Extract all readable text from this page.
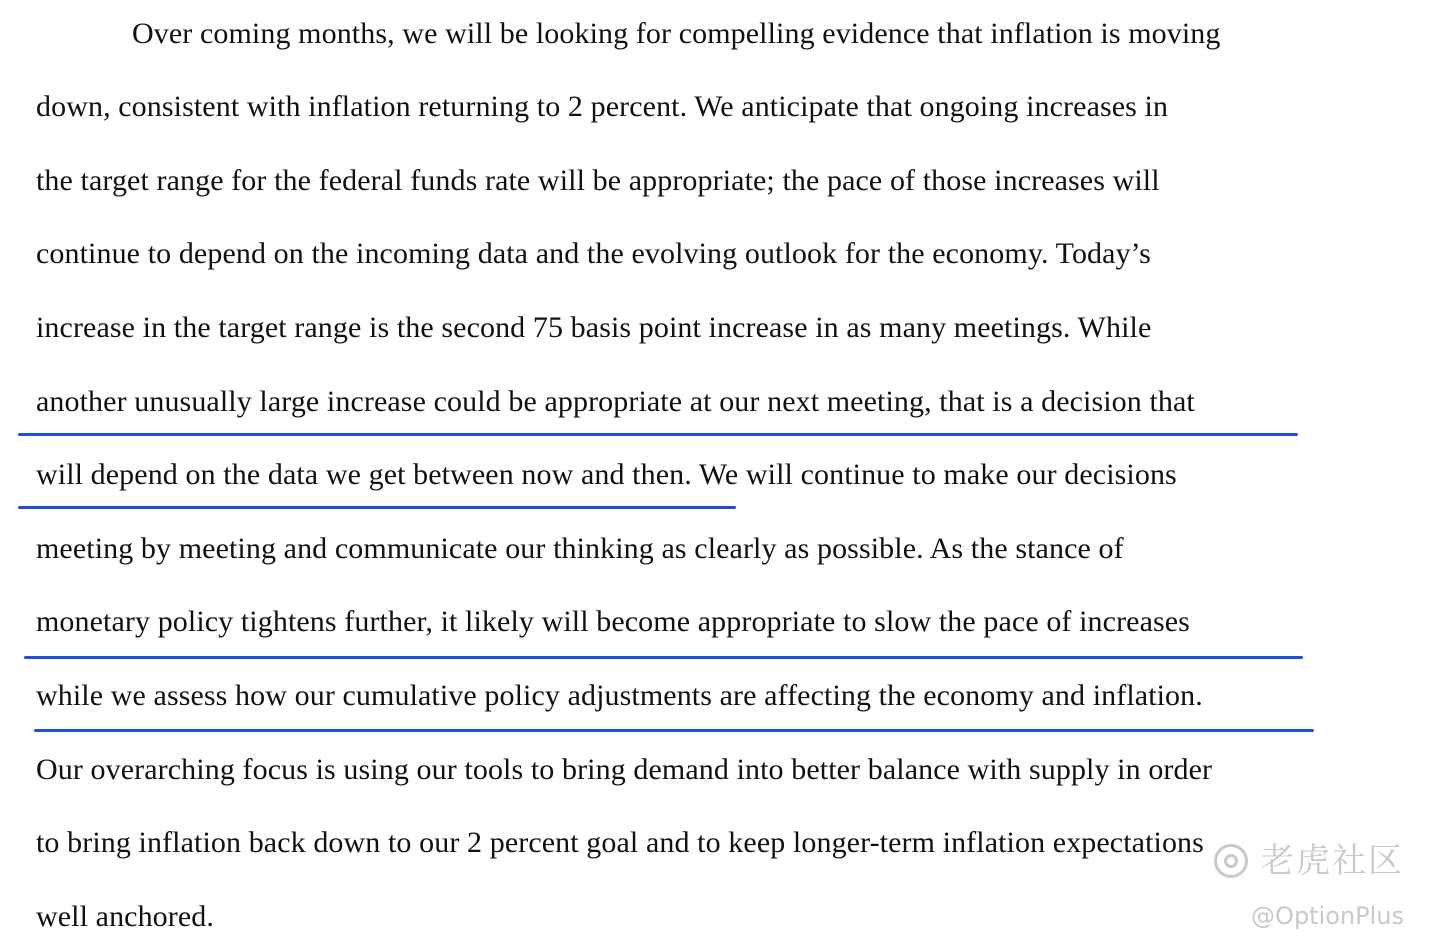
Over coming months, we will be looking for compelling evidence that inflation is moving
down, consistent with inflation returning to 2 percent. We anticipate that ongoing increases in
the target range for the federal funds rate will be appropriate; the pace of those increases will
continue to depend on the incoming data and the evolving outlook for the economy. Today’s
increase in the target range is the second 75 basis point increase in as many meetings. While
another unusually large increase could be appropriate at our next meeting, that is a decision that
will depend on the data we get between now and then. We will continue to make our decisions
meeting by meeting and communicate our thinking as clearly as possible. As the stance of
monetary policy tightens further, it likely will become appropriate to slow the pace of increases
while we assess how our cumulative policy adjustments are affecting the economy and inflation.
Our overarching focus is using our tools to bring demand into better balance with supply in order
to bring inflation back down to our 2 percent goal and to keep longer-term inflation expectations
well anchored.
老虎社区
@OptionPlus
